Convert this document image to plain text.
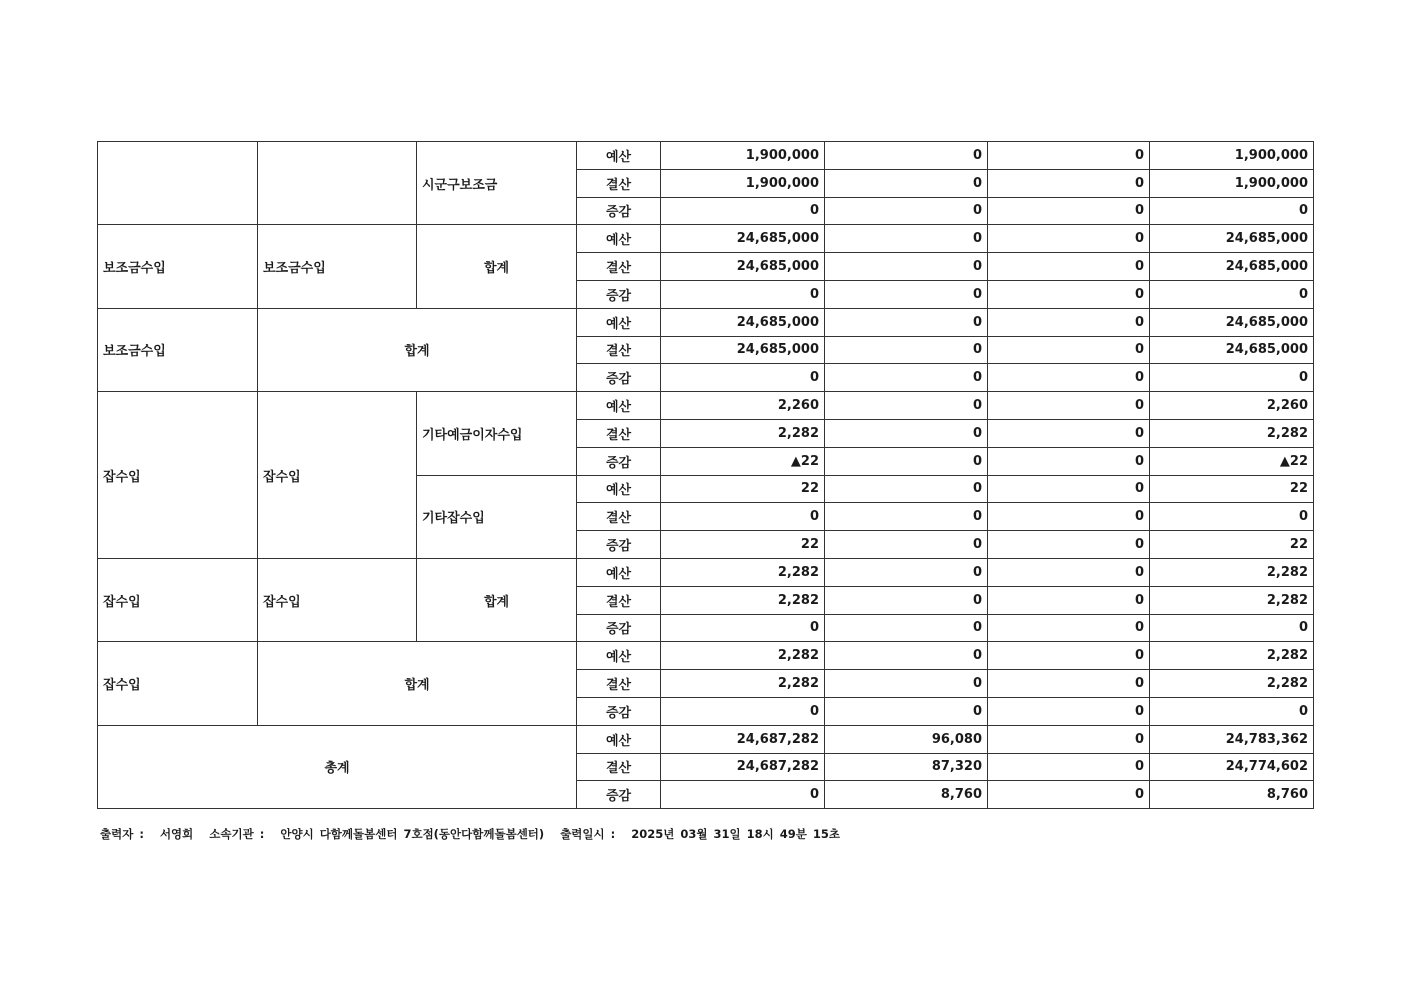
		시군구보조금	예산	1,900,000	0	0	1,900,000
			결산	1,900,000	0	0	1,900,000
			증감	0	0	0	0
보조금수입	보조금수입	합계	예산	24,685,000	0	0	24,685,000
			결산	24,685,000	0	0	24,685,000
			증감	0	0	0	0
보조금수입	합계		예산	24,685,000	0	0	24,685,000
			결산	24,685,000	0	0	24,685,000
			증감	0	0	0	0
잡수입	잡수입	기타예금이자수입	예산	2,260	0	0	2,260
			결산	2,282	0	0	2,282
			증감	▲22	0	0	▲22
		기타잡수입	예산	22	0	0	22
			결산	0	0	0	0
			증감	22	0	0	22
잡수입	잡수입	합계	예산	2,282	0	0	2,282
			결산	2,282	0	0	2,282
			증감	0	0	0	0
잡수입	합계		예산	2,282	0	0	2,282
			결산	2,282	0	0	2,282
			증감	0	0	0	0
총계			예산	24,687,282	96,080	0	24,783,362
			결산	24,687,282	87,320	0	24,774,602
			증감	0	8,760	0	8,760
출력자 : 서영희 소속기관 : 안양시 다함께돌봄센터 7호점(동안다함께돌봄센터) 출력일시 : 2025년 03월 31일 18시 49분 15초
